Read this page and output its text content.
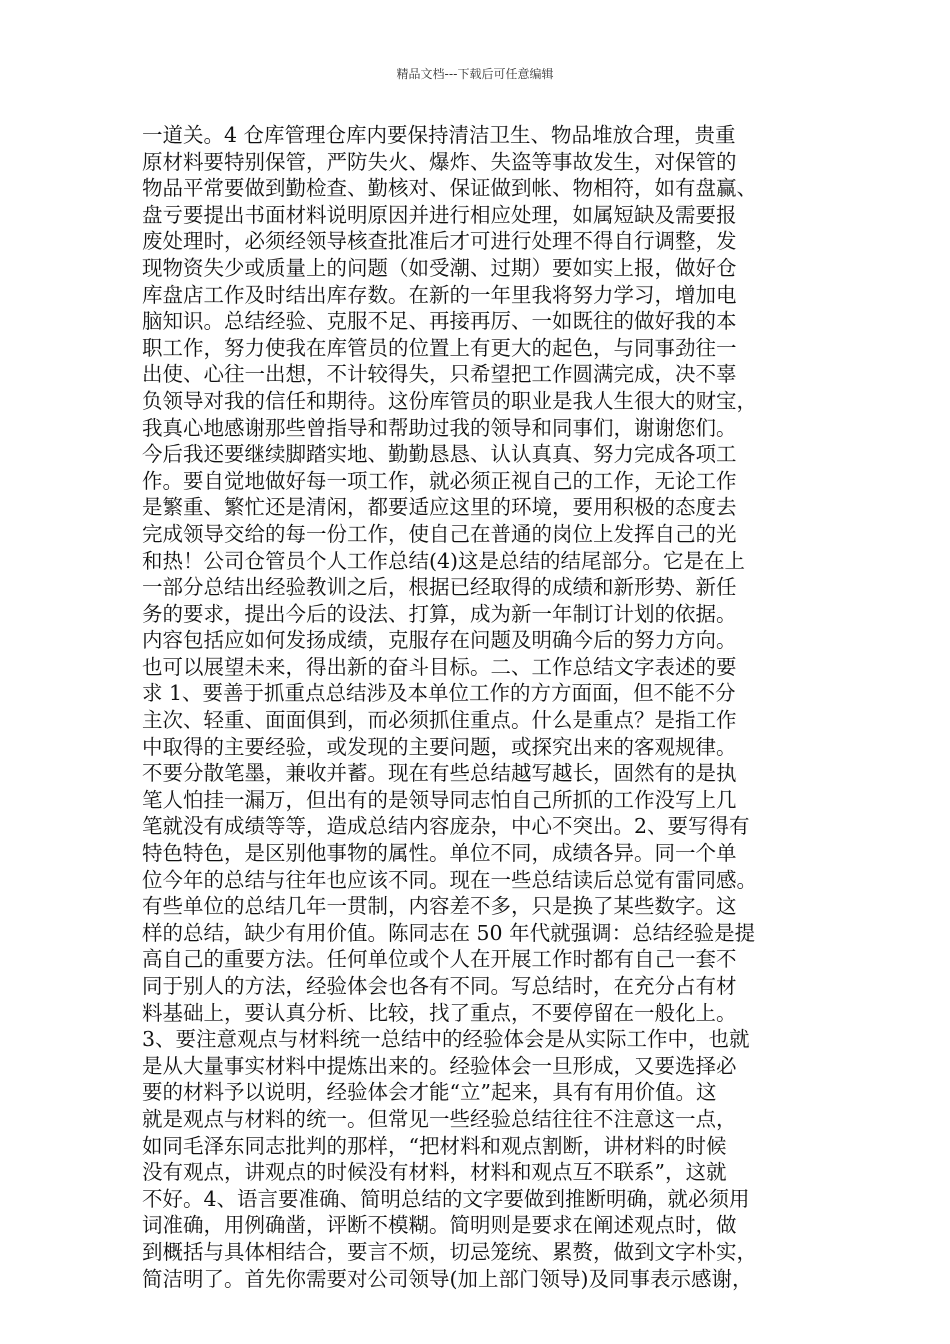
精品文档---下载后可任意编辑
一道关。4 仓库管理仓库内要保持清洁卫生、物品堆放合理，贵重
原材料要特别保管，严防失火、爆炸、失盗等事故发生，对保管的
物品平常要做到勤检查、勤核对、保证做到帐、物相符，如有盘赢、
盘亏要提出书面材料说明原因并进行相应处理，如属短缺及需要报
废处理时，必须经领导核查批准后才可进行处理不得自行调整，发
现物资失少或质量上的问题（如受潮、过期）要如实上报，做好仓
库盘店工作及时结出库存数。在新的一年里我将努力学习，增加电
脑知识。总结经验、克服不足、再接再厉、一如既往的做好我的本
职工作，努力使我在库管员的位置上有更大的起色，与同事劲往一
出使、心往一出想，不计较得失，只希望把工作圆满完成，决不辜
负领导对我的信任和期待。这份库管员的职业是我人生很大的财宝，
我真心地感谢那些曾指导和帮助过我的领导和同事们，谢谢您们。
今后我还要继续脚踏实地、勤勤恳恳、认认真真、努力完成各项工
作。要自觉地做好每一项工作，就必须正视自己的工作，无论工作
是繁重、繁忙还是清闲，都要适应这里的环境，要用积极的态度去
完成领导交给的每一份工作，使自己在普通的岗位上发挥自己的光
和热！公司仓管员个人工作总结(4)这是总结的结尾部分。它是在上
一部分总结出经验教训之后，根据已经取得的成绩和新形势、新任
务的要求，提出今后的设法、打算，成为新一年制订计划的依据。
内容包括应如何发扬成绩，克服存在问题及明确今后的努力方向。
也可以展望未来，得出新的奋斗目标。二、工作总结文字表述的要
求 1、要善于抓重点总结涉及本单位工作的方方面面，但不能不分
主次、轻重、面面俱到，而必须抓住重点。什么是重点？是指工作
中取得的主要经验，或发现的主要问题，或探究出来的客观规律。
不要分散笔墨，兼收并蓄。现在有些总结越写越长，固然有的是执
笔人怕挂一漏万，但出有的是领导同志怕自己所抓的工作没写上几
笔就没有成绩等等，造成总结内容庞杂，中心不突出。2、要写得有
特色特色，是区别他事物的属性。单位不同，成绩各异。同一个单
位今年的总结与往年也应该不同。现在一些总结读后总觉有雷同感。
有些单位的总结几年一贯制，内容差不多，只是换了某些数字。这
样的总结，缺少有用价值。陈同志在 50 年代就强调：总结经验是提
高自己的重要方法。任何单位或个人在开展工作时都有自己一套不
同于别人的方法，经验体会也各有不同。写总结时，在充分占有材
料基础上，要认真分析、比较，找了重点，不要停留在一般化上。
3、要注意观点与材料统一总结中的经验体会是从实际工作中，也就
是从大量事实材料中提炼出来的。经验体会一旦形成，又要选择必
要的材料予以说明，经验体会才能“立”起来，具有有用价值。这
就是观点与材料的统一。但常见一些经验总结往往不注意这一点，
如同毛泽东同志批判的那样，“把材料和观点割断，讲材料的时候
没有观点，讲观点的时候没有材料，材料和观点互不联系”，这就
不好。4、语言要准确、简明总结的文字要做到推断明确，就必须用
词准确，用例确凿，评断不模糊。简明则是要求在阐述观点时，做
到概括与具体相结合，要言不烦，切忌笼统、累赘，做到文字朴实，
简洁明了。首先你需要对公司领导(加上部门领导)及同事表示感谢，
